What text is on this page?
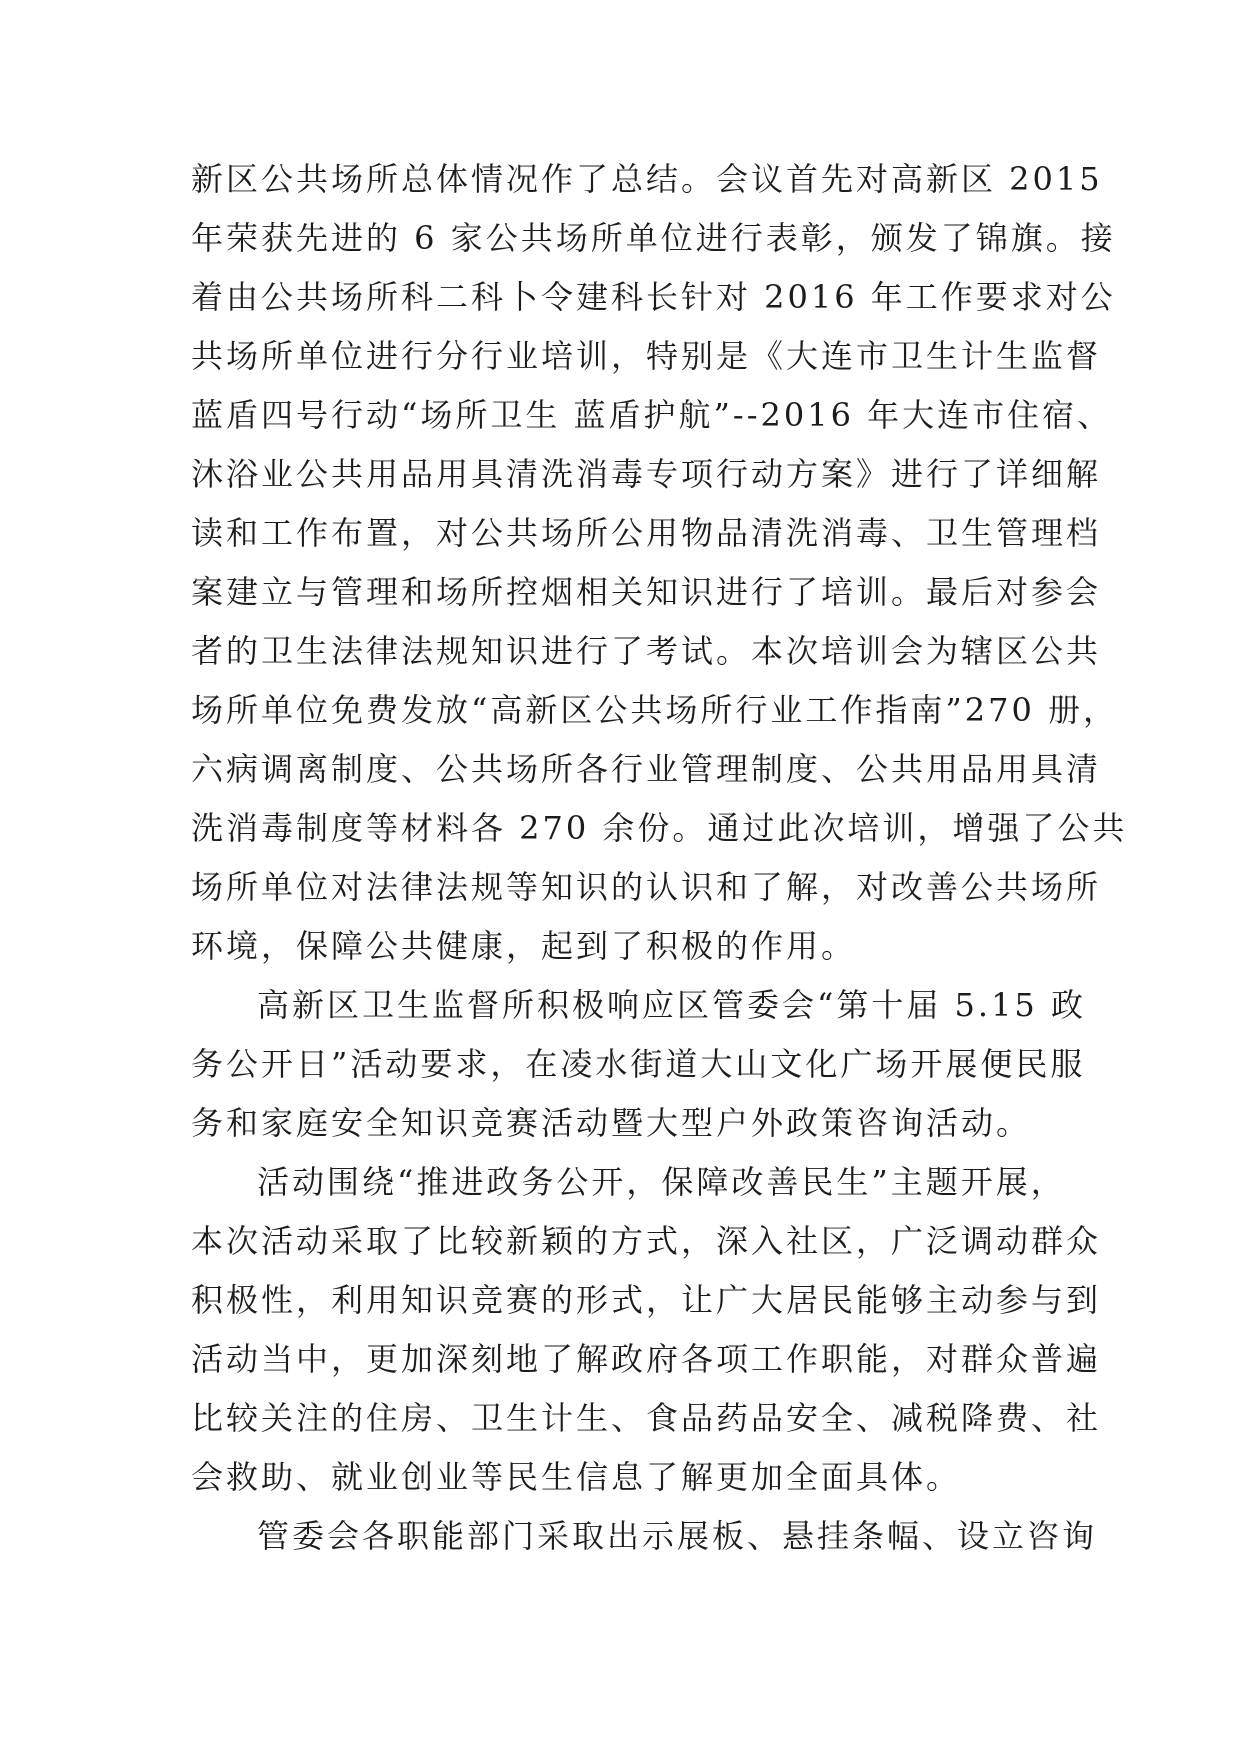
新区公共场所总体情况作了总结。会议首先对高新区 2015
年荣获先进的 6 家公共场所单位进行表彰，颁发了锦旗。接
着由公共场所科二科卜令建科长针对 2016 年工作要求对公
共场所单位进行分行业培训，特别是《大连市卫生计生监督
蓝盾四号行动“场所卫生 蓝盾护航”--2016 年大连市住宿、
沐浴业公共用品用具清洗消毒专项行动方案》进行了详细解
读和工作布置，对公共场所公用物品清洗消毒、卫生管理档
案建立与管理和场所控烟相关知识进行了培训。最后对参会
者的卫生法律法规知识进行了考试。本次培训会为辖区公共
场所单位免费发放“高新区公共场所行业工作指南”270 册，
六病调离制度、公共场所各行业管理制度、公共用品用具清
洗消毒制度等材料各 270 余份。通过此次培训，增强了公共
场所单位对法律法规等知识的认识和了解，对改善公共场所
环境，保障公共健康，起到了积极的作用。
高新区卫生监督所积极响应区管委会“第十届 5.15 政
务公开日”活动要求，在凌水街道大山文化广场开展便民服
务和家庭安全知识竞赛活动暨大型户外政策咨询活动。
活动围绕“推进政务公开，保障改善民生”主题开展，
本次活动采取了比较新颖的方式，深入社区，广泛调动群众
积极性，利用知识竞赛的形式，让广大居民能够主动参与到
活动当中，更加深刻地了解政府各项工作职能，对群众普遍
比较关注的住房、卫生计生、食品药品安全、减税降费、社
会救助、就业创业等民生信息了解更加全面具体。
管委会各职能部门采取出示展板、悬挂条幅、设立咨询
